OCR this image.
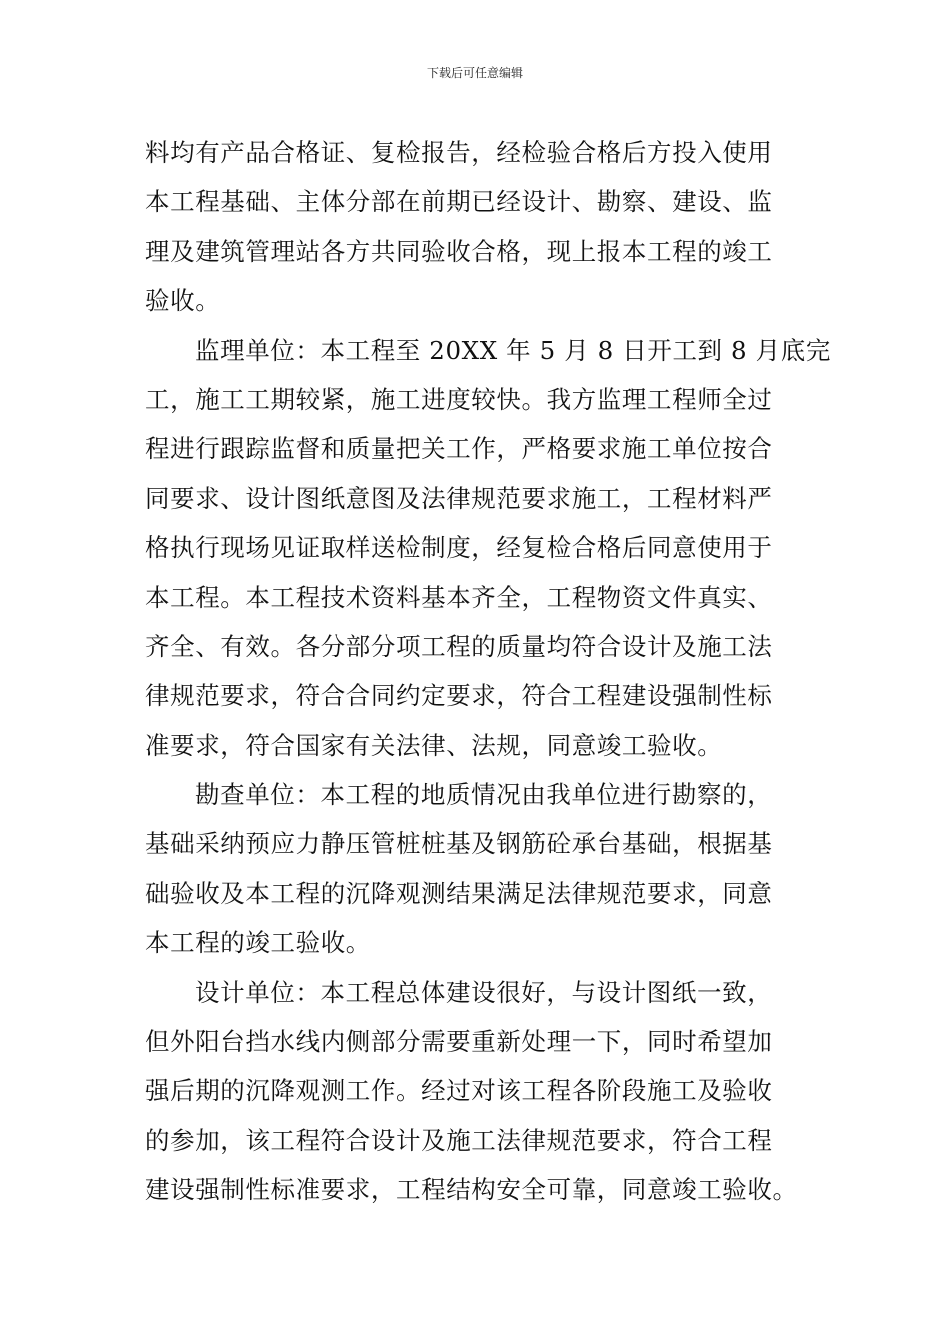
下载后可任意编辑
料均有产品合格证、复检报告，经检验合格后方投入使用
本工程基础、主体分部在前期已经设计、勘察、建设、监
理及建筑管理站各方共同验收合格，现上报本工程的竣工
验收。
监理单位：本工程至 20XX 年 5 月 8 日开工到 8 月底完
工，施工工期较紧，施工进度较快。我方监理工程师全过
程进行跟踪监督和质量把关工作，严格要求施工单位按合
同要求、设计图纸意图及法律规范要求施工，工程材料严
格执行现场见证取样送检制度，经复检合格后同意使用于
本工程。本工程技术资料基本齐全，工程物资文件真实、
齐全、有效。各分部分项工程的质量均符合设计及施工法
律规范要求，符合合同约定要求，符合工程建设强制性标
准要求，符合国家有关法律、法规，同意竣工验收。
勘查单位：本工程的地质情况由我单位进行勘察的，
基础采纳预应力静压管桩桩基及钢筋砼承台基础，根据基
础验收及本工程的沉降观测结果满足法律规范要求，同意
本工程的竣工验收。
设计单位：本工程总体建设很好，与设计图纸一致，
但外阳台挡水线内侧部分需要重新处理一下，同时希望加
强后期的沉降观测工作。经过对该工程各阶段施工及验收
的参加，该工程符合设计及施工法律规范要求，符合工程
建设强制性标准要求，工程结构安全可靠，同意竣工验收。
